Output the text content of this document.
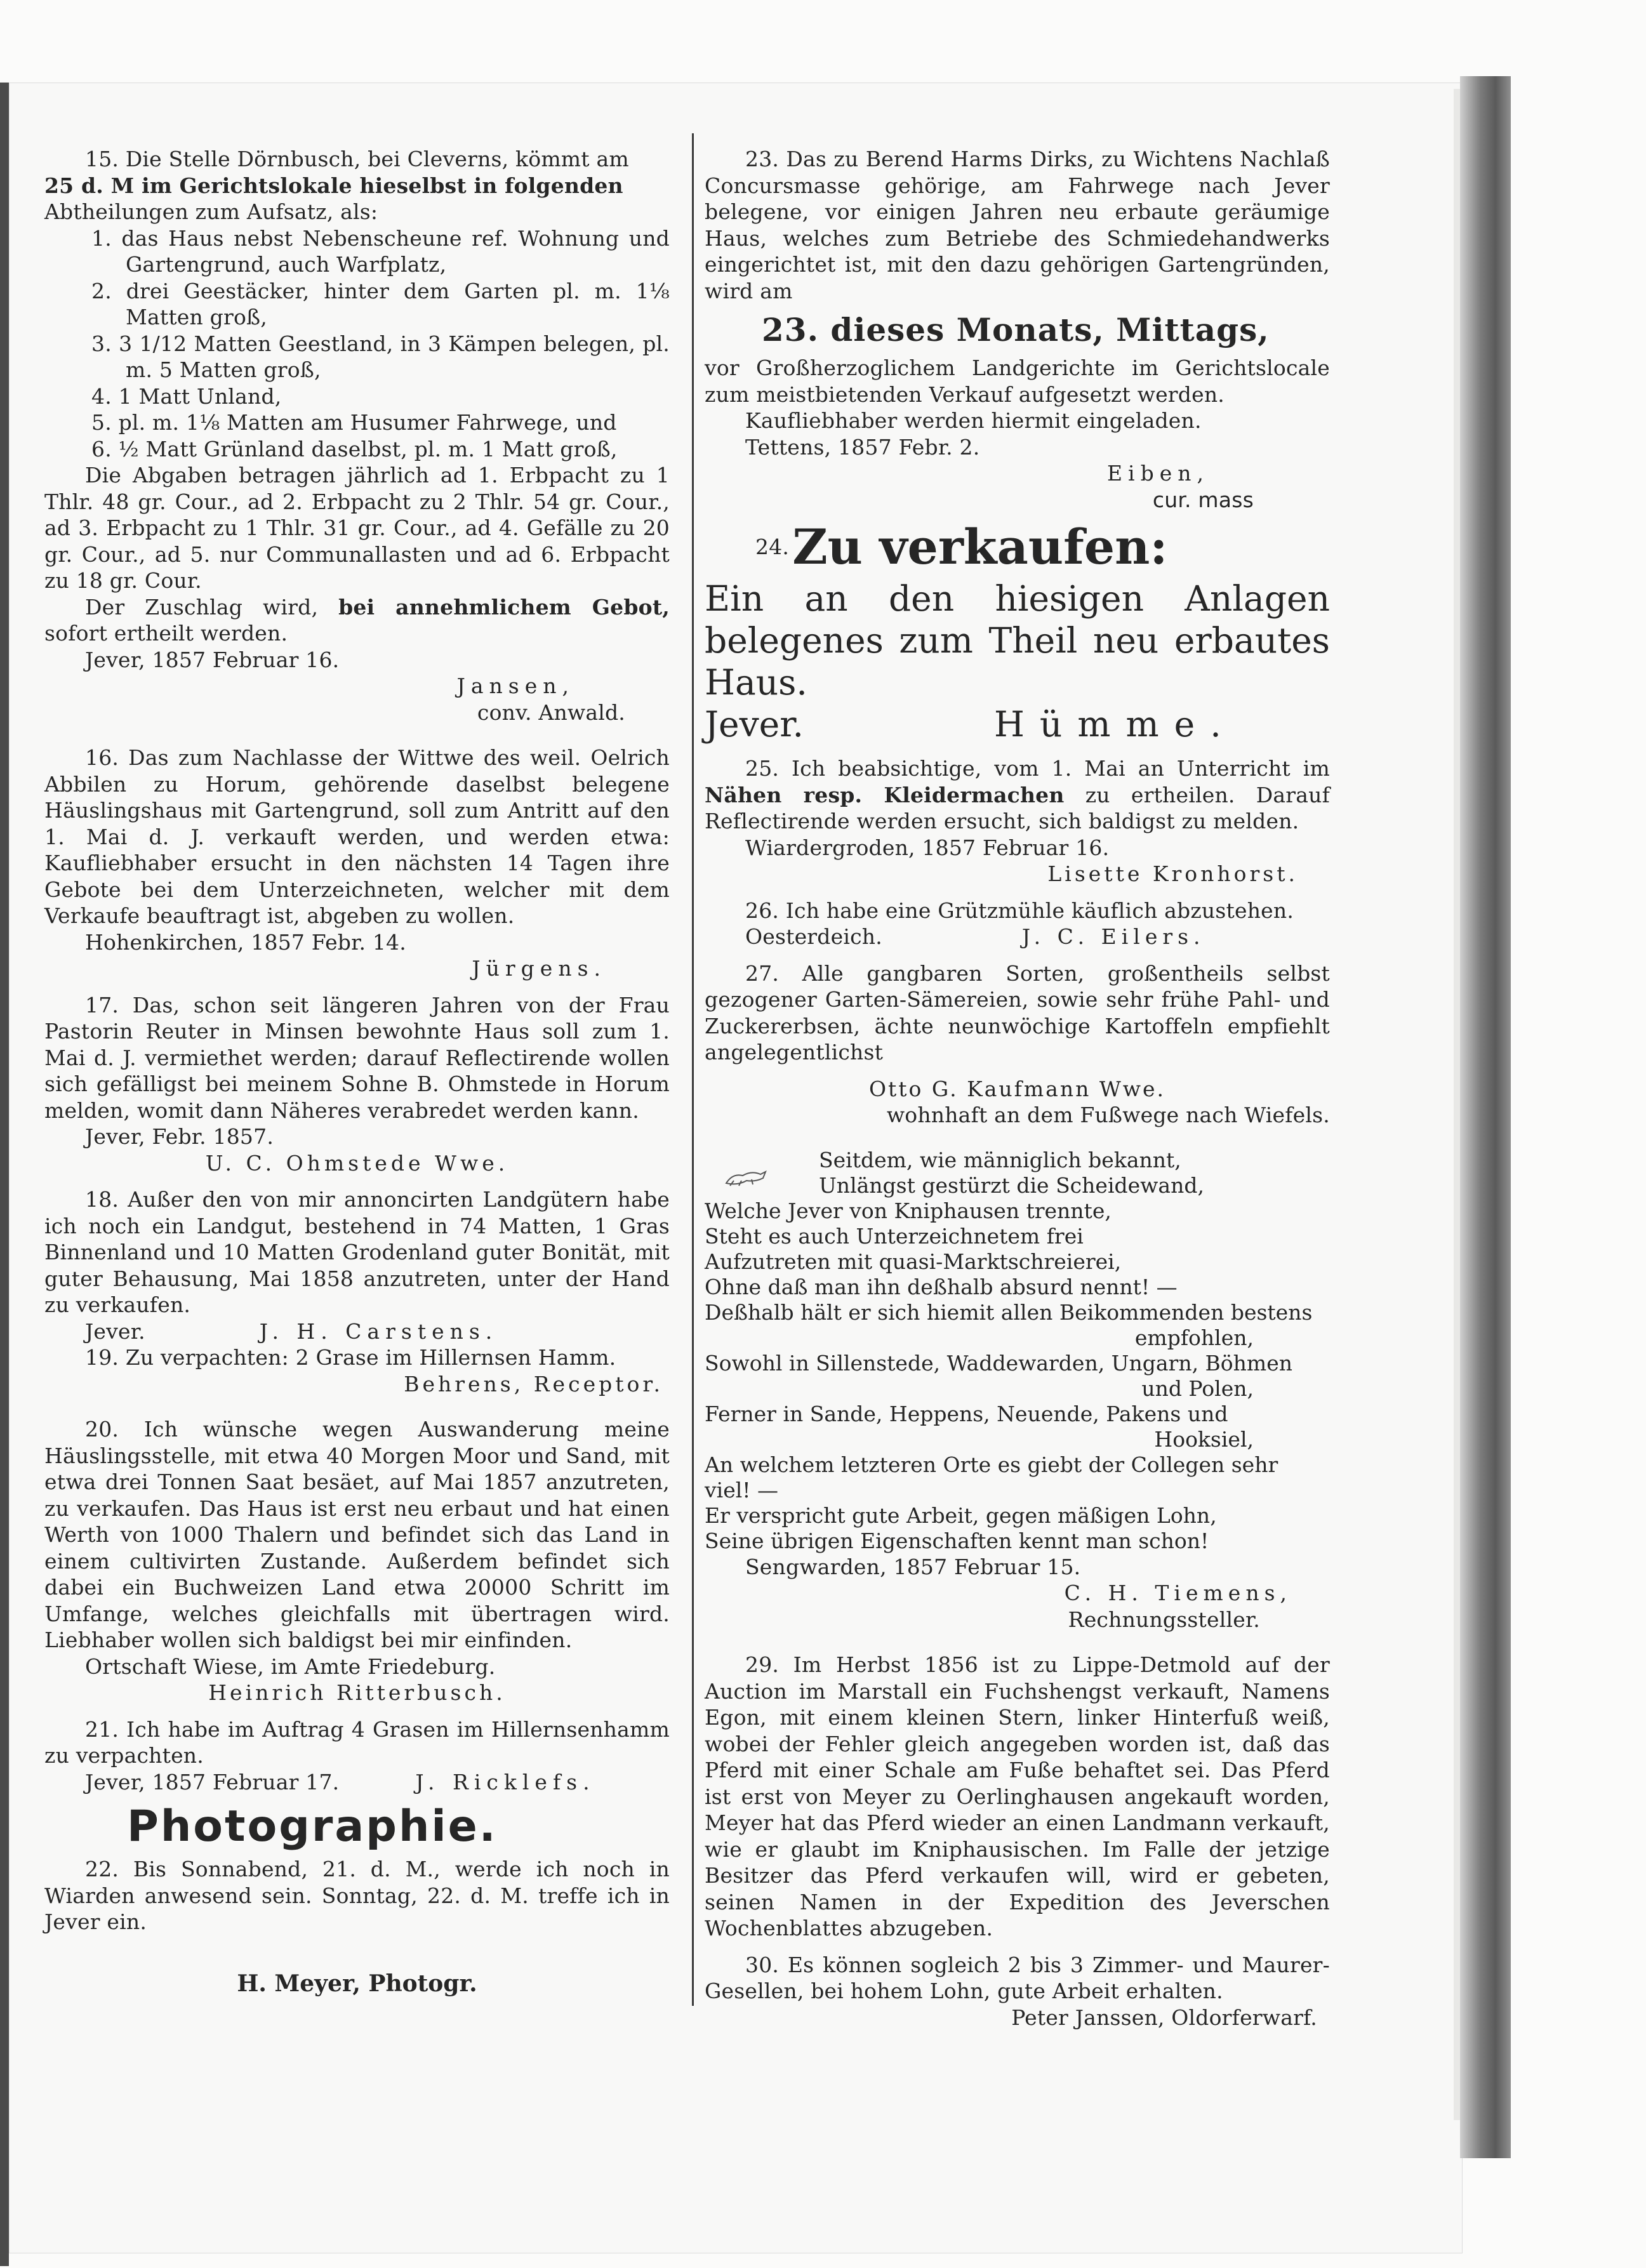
15. Die Stelle Dörnbusch, bei Cleverns, kömmt am

25 d. M im Gerichtslokale hieselbst in folgenden

Abtheilungen zum Aufsatz, als:

1. das Haus nebst Nebenscheune ref. Wohnung und Gartengrund, auch Warfplatz,

2. drei Geestäcker, hinter dem Garten pl. m. 1⅛ Matten groß,

3. 3 1/12 Matten Geestland, in 3 Kämpen belegen, pl. m. 5 Matten groß,

4. 1 Matt Unland,

5. pl. m. 1⅛ Matten am Husumer Fahrwege, und

6. ½ Matt Grünland daselbst, pl. m. 1 Matt groß,

Die Abgaben betragen jährlich ad 1. Erbpacht zu 1 Thlr. 48 gr. Cour., ad 2. Erbpacht zu 2 Thlr. 54 gr. Cour., ad 3. Erbpacht zu 1 Thlr. 31 gr. Cour., ad 4. Gefälle zu 20 gr. Cour., ad 5. nur Communallasten und ad 6. Erbpacht zu 18 gr. Cour.

Der Zuschlag wird, bei annehmlichem Gebot, sofort ertheilt werden.

Jever, 1857 Februar 16.

Jansen,

conv. Anwald.

16. Das zum Nachlasse der Wittwe des weil. Oelrich Abbilen zu Horum, gehörende daselbst belegene Häuslingshaus mit Gartengrund, soll zum Antritt auf den 1. Mai d. J. verkauft werden, und werden etwa: Kaufliebhaber ersucht in den nächsten 14 Tagen ihre Gebote bei dem Unterzeichneten, welcher mit dem Verkaufe beauftragt ist, abgeben zu wollen.

Hohenkirchen, 1857 Febr. 14.

Jürgens.

17. Das, schon seit längeren Jahren von der Frau Pastorin Reuter in Minsen bewohnte Haus soll zum 1. Mai d. J. vermiethet werden; darauf Reflectirende wollen sich gefälligst bei meinem Sohne B. Ohmstede in Horum melden, womit dann Näheres verabredet werden kann.

Jever, Febr. 1857.

U. C. Ohmstede Wwe.

18. Außer den von mir annoncirten Landgütern habe ich noch ein Landgut, bestehend in 74 Matten, 1 Gras Binnenland und 10 Matten Grodenland guter Bonität, mit guter Behausung, Mai 1858 anzutreten, unter der Hand zu verkaufen.

Jever.	J. H. Carstens.

19. Zu verpachten: 2 Grase im Hillernsen Hamm.

Behrens, Receptor.

20. Ich wünsche wegen Auswanderung meine Häuslingsstelle, mit etwa 40 Morgen Moor und Sand, mit etwa drei Tonnen Saat besäet, auf Mai 1857 anzutreten, zu verkaufen. Das Haus ist erst neu erbaut und hat einen Werth von 1000 Thalern und befindet sich das Land in einem cultivirten Zustande. Außerdem befindet sich dabei ein Buchweizen Land etwa 20000 Schritt im Umfange, welches gleichfalls mit übertragen wird. Liebhaber wollen sich baldigst bei mir einfinden.

Ortschaft Wiese, im Amte Friedeburg.

Heinrich Ritterbusch.

21. Ich habe im Auftrag 4 Grasen im Hillernsenhamm zu verpachten.

Jever, 1857 Februar 17.	J. Ricklefs.

Photographie.

22. Bis Sonnabend, 21. d. M., werde ich noch in Wiarden anwesend sein. Sonntag, 22. d. M. treffe ich in Jever ein.

H. Meyer, Photogr.

23. Das zu Berend Harms Dirks, zu Wichtens Nachlaß Concursmasse gehörige, am Fahrwege nach Jever belegene, vor einigen Jahren neu erbaute geräumige Haus, welches zum Betriebe des Schmiedehandwerks eingerichtet ist, mit den dazu gehörigen Gartengründen, wird am

23. dieses Monats, Mittags,

vor Großherzoglichem Landgerichte im Gerichtslocale zum meistbietenden Verkauf aufgesetzt werden.

Kaufliebhaber werden hiermit eingeladen.

Tettens, 1857 Febr. 2.

Eiben,

cur. mass

24. Zu verkaufen:

Ein an den hiesigen Anlagen belegenes zum Theil neu erbautes Haus.

Jever.	Hümme.

25. Ich beabsichtige, vom 1. Mai an Unterricht im Nähen resp. Kleidermachen zu ertheilen. Darauf Reflectirende werden ersucht, sich baldigst zu melden.

Wiardergroden, 1857 Februar 16.

Lisette Kronhorst.

26. Ich habe eine Grützmühle käuflich abzustehen.

Oesterdeich.	J. C. Eilers.

27. Alle gangbaren Sorten, großentheils selbst gezogener Garten-Sämereien, sowie sehr frühe Pahl- und Zuckererbsen, ächte neunwöchige Kartoffeln empfiehlt angelegentlichst

Otto G. Kaufmann Wwe.

wohnhaft an dem Fußwege nach Wiefels.

Seitdem, wie männiglich bekannt,

Unlängst gestürzt die Scheidewand,

Welche Jever von Kniphausen trennte,

Steht es auch Unterzeichnetem frei

Aufzutreten mit quasi-Marktschreierei,

Ohne daß man ihn deßhalb absurd nennt! —

Deßhalb hält er sich hiemit allen Beikommenden bestens

empfohlen,

Sowohl in Sillenstede, Waddewarden, Ungarn, Böhmen

und Polen,

Ferner in Sande, Heppens, Neuende, Pakens und

Hooksiel,

An welchem letzteren Orte es giebt der Collegen sehr viel! —

Er verspricht gute Arbeit, gegen mäßigen Lohn,

Seine übrigen Eigenschaften kennt man schon!

Sengwarden, 1857 Februar 15.

C. H. Tiemens,

Rechnungssteller.

29. Im Herbst 1856 ist zu Lippe-Detmold auf der Auction im Marstall ein Fuchshengst verkauft, Namens Egon, mit einem kleinen Stern, linker Hinterfuß weiß, wobei der Fehler gleich angegeben worden ist, daß das Pferd mit einer Schale am Fuße behaftet sei. Das Pferd ist erst von Meyer zu Oerlinghausen angekauft worden, Meyer hat das Pferd wieder an einen Landmann verkauft, wie er glaubt im Kniphausischen. Im Falle der jetzige Besitzer das Pferd verkaufen will, wird er gebeten, seinen Namen in der Expedition des Jeverschen Wochenblattes abzugeben.

30. Es können sogleich 2 bis 3 Zimmer- und Maurer-Gesellen, bei hohem Lohn, gute Arbeit erhalten.

Peter Janssen, Oldorferwarf.
